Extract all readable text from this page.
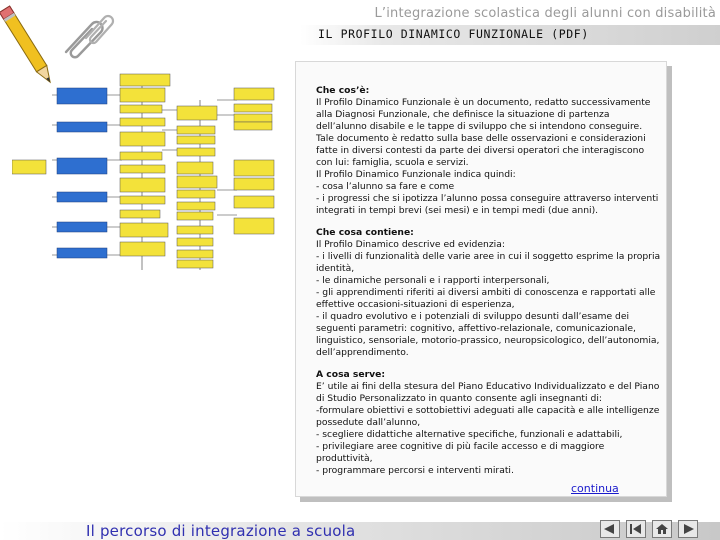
L’integrazione scolastica degli alunni con disabilità
IL PROFILO DINAMICO FUNZIONALE (PDF)
Che cos’è:

Il Profilo Dinamico Funzionale è un documento, redatto successivamente alla Diagnosi Funzionale, che definisce la situazione di partenza dell’alunno disabile e le tappe di sviluppo che si intendono conseguire. Tale documento è redatto sulla base delle osservazioni e considerazioni fatte in diversi contesti da parte dei diversi operatori che interagiscono con lui: famiglia, scuola e servizi.
Il Profilo Dinamico Funzionale indica quindi:
- cosa l’alunno sa fare e come
- i progressi che si ipotizza l’alunno possa conseguire attraverso interventi integrati in tempi brevi (sei mesi) e in tempi medi (due anni).

Che cosa contiene:

Il Profilo Dinamico descrive ed evidenzia:
- i livelli di funzionalità delle varie aree in cui il soggetto esprime la propria identità,
- le dinamiche personali e i rapporti interpersonali,
- gli apprendimenti riferiti ai diversi ambiti di conoscenza e rapportati alle effettive occasioni-situazioni di esperienza,
- il quadro evolutivo e i potenziali di sviluppo desunti dall’esame dei seguenti parametri: cognitivo, affettivo-relazionale, comunicazionale, linguistico, sensoriale, motorio-prassico, neuropsicologico, dell’autonomia, dell’apprendimento.

A cosa serve:

E’ utile ai fini della stesura del Piano Educativo Individualizzato e del Piano di Studio Personalizzato in quanto consente agli insegnanti di:
-formulare obiettivi e sottobiettivi adeguati alle capacità e alle intelligenze possedute dall’alunno,
- scegliere didattiche alternative specifiche, funzionali e adattabili,
- privilegiare aree cognitive di più facile accesso e di maggiore produttività,
- programmare percorsi e interventi mirati.

continua
Il percorso di integrazione a scuola
